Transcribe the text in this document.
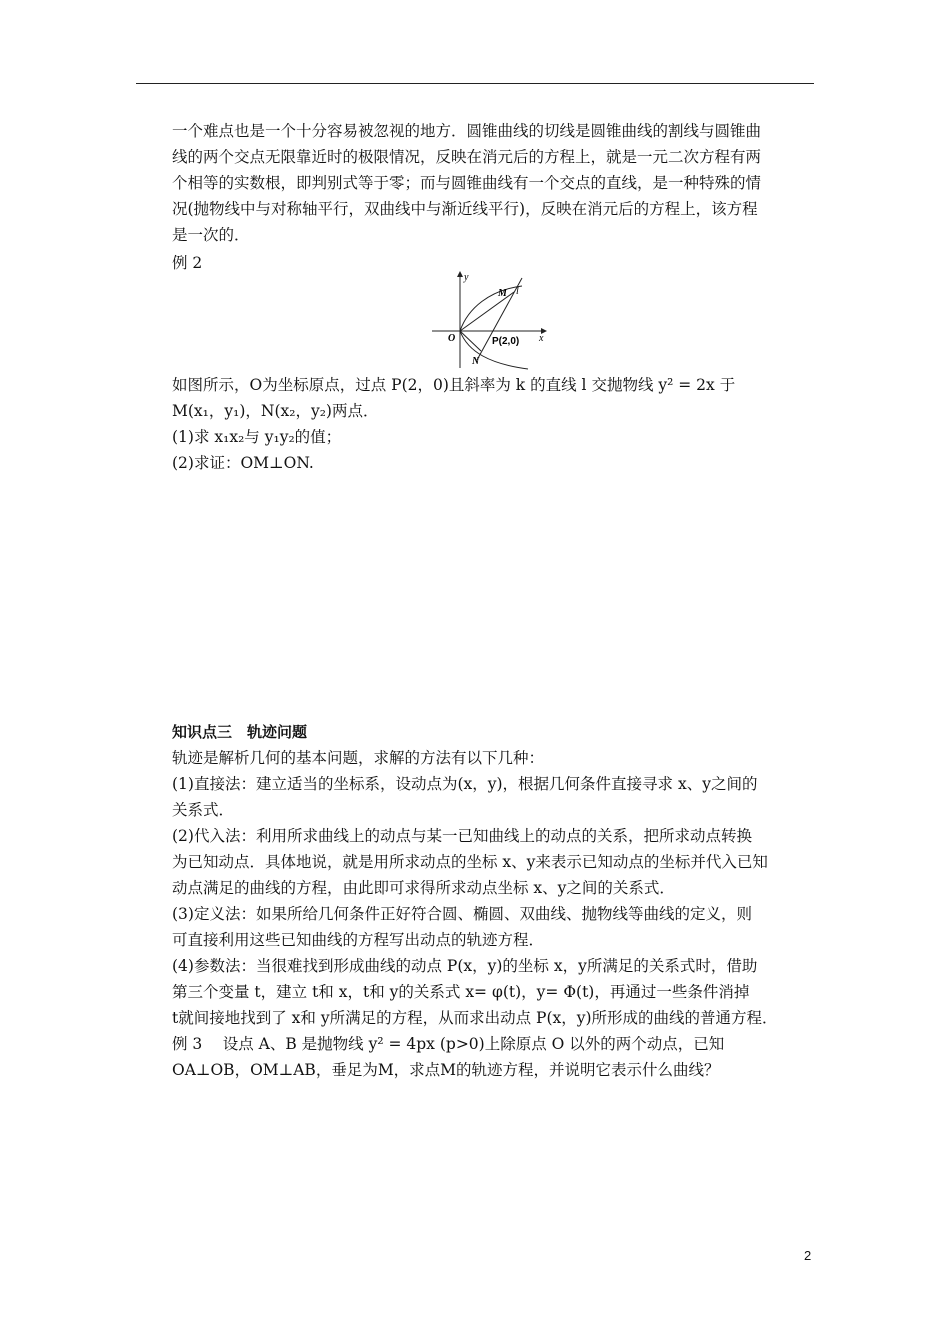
一个难点也是一个十分容易被忽视的地方．圆锥曲线的切线是圆锥曲线的割线与圆锥曲

线的两个交点无限靠近时的极限情况，反映在消元后的方程上，就是一元二次方程有两

个相等的实数根，即判别式等于零；而与圆锥曲线有一个交点的直线，是一种特殊的情

况(抛物线中与对称轴平行，双曲线中与渐近线平行)，反映在消元后的方程上，该方程

是一次的．

例 2
y
x
O
M l
P(2,0)
N

如图所示，O为坐标原点，过点 P(2，0)且斜率为 k 的直线 l 交抛物线 y² = 2x 于

M(x₁，y₁)，N(x₂，y₂)两点．

(1)求 x₁x₂与 y₁y₂的值；

(2)求证：OM⊥ON.

知识点三　轨迹问题

轨迹是解析几何的基本问题，求解的方法有以下几种：

(1)直接法：建立适当的坐标系，设动点为(x，y)，根据几何条件直接寻求 x、y之间的

关系式．

(2)代入法：利用所求曲线上的动点与某一已知曲线上的动点的关系，把所求动点转换

为已知动点．具体地说，就是用所求动点的坐标 x、y来表示已知动点的坐标并代入已知

动点满足的曲线的方程，由此即可求得所求动点坐标 x、y之间的关系式．

(3)定义法：如果所给几何条件正好符合圆、椭圆、双曲线、抛物线等曲线的定义，则

可直接利用这些已知曲线的方程写出动点的轨迹方程．

(4)参数法：当很难找到形成曲线的动点 P(x，y)的坐标 x，y所满足的关系式时，借助

第三个变量 t，建立 t和 x，t和 y的关系式 x= φ(t)，y= Φ(t)，再通过一些条件消掉

t就间接地找到了 x和 y所满足的方程，从而求出动点 P(x，y)所形成的曲线的普通方程．

例 3　 设点 A、B 是抛物线 y² = 4px (p>0)上除原点 O 以外的两个动点，已知

OA⊥OB，OM⊥AB，垂足为M，求点M的轨迹方程，并说明它表示什么曲线？

2
